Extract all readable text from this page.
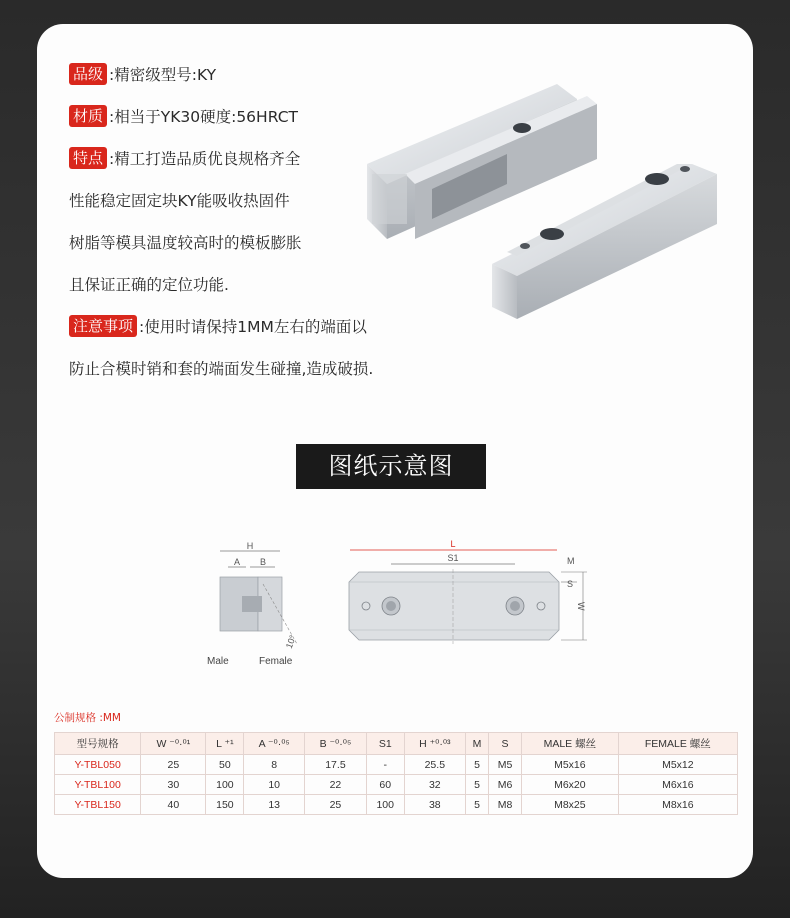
品级 :精密级型号:KY
材质 :相当于YK30硬度:56HRCT
特点 :精工打造品质优良规格齐全
性能稳定固定块KY能吸收热固件
树脂等模具温度较高时的模板膨胀
且保证正确的定位功能.
注意事项 :使用时请保持1MM左右的端面以
防止合模时销和套的端面发生碰撞,造成破损.
图纸示意图
H
A B
10°
Male	Female
L
S1	M
S
W
公制规格 :MM
型号规格	W ⁻⁰·⁰¹	L ⁺¹	A ⁻⁰·⁰⁵	B ⁻⁰·⁰⁵	S1	H ⁺⁰·⁰³	M	S	MALE 螺丝	FEMALE 螺丝
Y-TBL050	25	50	8	17.5	-	25.5	5	M5	M5x16	M5x12
Y-TBL100	30	100	10	22	60	32	5	M6	M6x20	M6x16
Y-TBL150	40	150	13	25	100	38	5	M8	M8x25	M8x16
